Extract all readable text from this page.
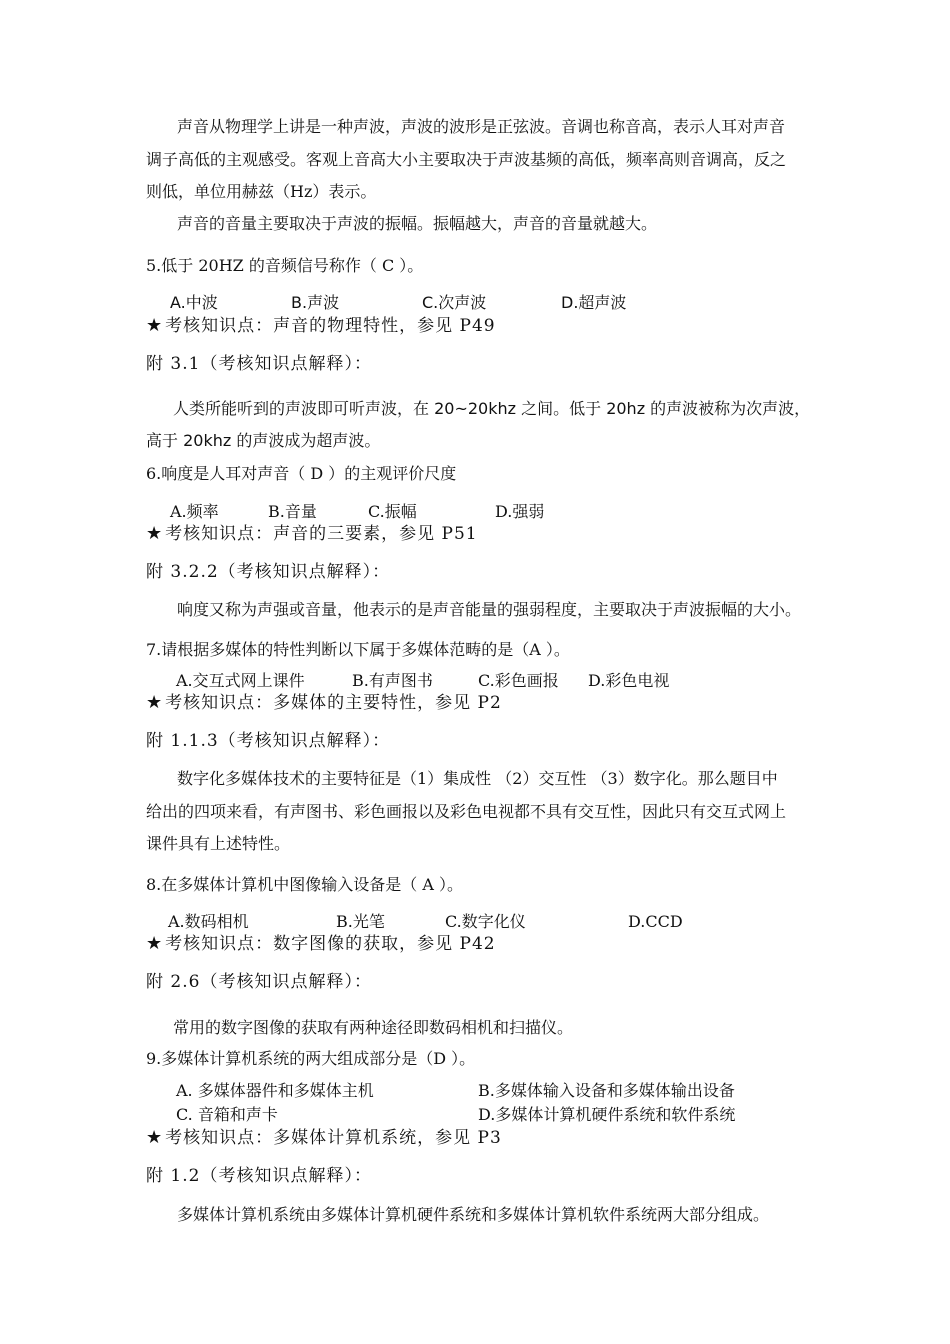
声音从物理学上讲是一种声波，声波的波形是正弦波。音调也称音高，表示人耳对声音
调子高低的主观感受。客观上音高大小主要取决于声波基频的高低，频率高则音调高，反之
则低，单位用赫兹（Hz）表示。
声音的音量主要取决于声波的振幅。振幅越大，声音的音量就越大。
5.低于 20HZ 的音频信号称作（ C ）。
A.中波	B.声波	C.次声波	D.超声波
★ 考核知识点：声音的物理特性，参见 P49
附 3.1（考核知识点解释）：
人类所能听到的声波即可听声波，在 20~20khz 之间。低于 20hz 的声波被称为次声波，
高于 20khz 的声波成为超声波。
6.响度是人耳对声音（ D ）的主观评价尺度
A.频率	B.音量	C.振幅	D.强弱
★ 考核知识点：声音的三要素，参见 P51
附 3.2.2（考核知识点解释）：
响度又称为声强或音量，他表示的是声音能量的强弱程度，主要取决于声波振幅的大小。
7.请根据多媒体的特性判断以下属于多媒体范畴的是（A ）。
A.交互式网上课件	B.有声图书	C.彩色画报 D.彩色电视
★ 考核知识点：多媒体的主要特性，参见 P2
附 1.1.3（考核知识点解释）：
数字化多媒体技术的主要特征是（1）集成性 （2）交互性 （3）数字化。那么题目中
给出的四项来看，有声图书、彩色画报以及彩色电视都不具有交互性，因此只有交互式网上
课件具有上述特性。
8.在多媒体计算机中图像输入设备是（ A ）。
A.数码相机	B.光笔	C.数字化仪	D.CCD
★ 考核知识点：数字图像的获取，参见 P42
附 2.6（考核知识点解释）：
常用的数字图像的获取有两种途径即数码相机和扫描仪。
9.多媒体计算机系统的两大组成部分是（D ）。
A. 多媒体器件和多媒体主机	B.多媒体输入设备和多媒体输出设备
C. 音箱和声卡	D.多媒体计算机硬件系统和软件系统
★ 考核知识点：多媒体计算机系统，参见 P3
附 1.2（考核知识点解释）：
多媒体计算机系统由多媒体计算机硬件系统和多媒体计算机软件系统两大部分组成。
